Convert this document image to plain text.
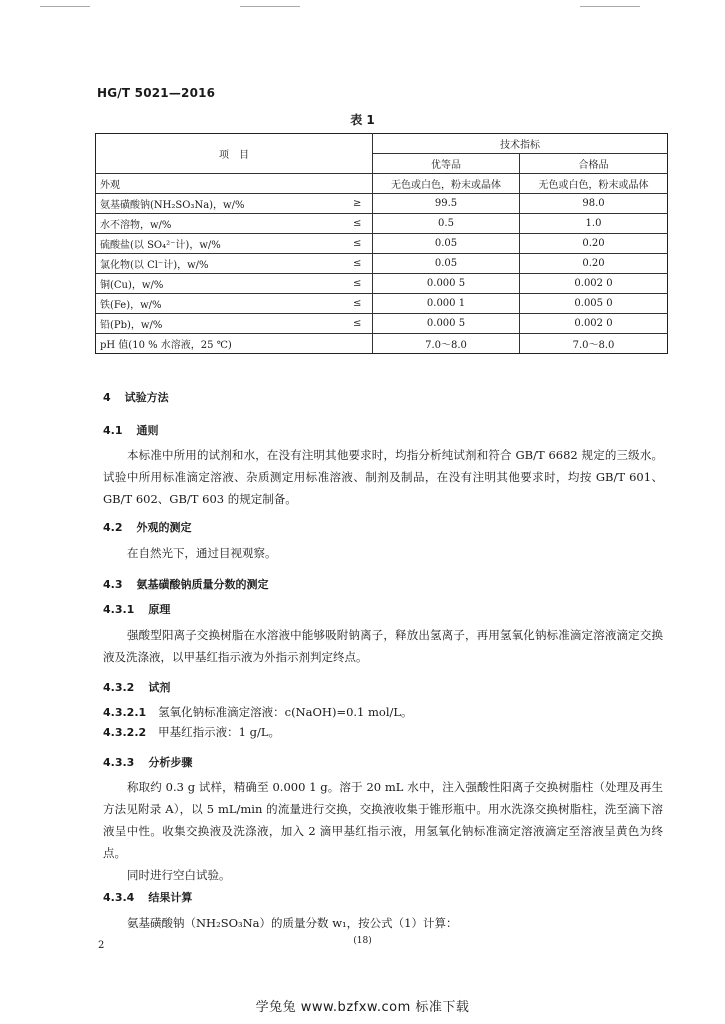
HG/T 5021—2016
表 1
项　目		技术指标	
		优等品	合格品
外观		无色或白色，粉末或晶体	无色或白色，粉末或晶体
氨基磺酸钠(NH₂SO₃Na)，w/%	≥	99.5	98.0
水不溶物，w/%	≤	0.5	1.0
硫酸盐(以 SO₄²⁻计)，w/%	≤	0.05	0.20
氯化物(以 Cl⁻计)，w/%	≤	0.05	0.20
铜(Cu)，w/%	≤	0.000 5	0.002 0
铁(Fe)，w/%	≤	0.000 1	0.005 0
铅(Pb)，w/%	≤	0.000 5	0.002 0
pH 值(10 % 水溶液，25 ℃)		7.0～8.0	7.0～8.0
4 试验方法
4.1 通则

本标准中所用的试剂和水，在没有注明其他要求时，均指分析纯试剂和符合 GB/T 6682 规定的三级水。试验中所用标准滴定溶液、杂质测定用标准溶液、制剂及制品，在没有注明其他要求时，均按 GB/T 601、GB/T 602、GB/T 603 的规定制备。

4.2 外观的测定

在自然光下，通过目视观察。

4.3 氨基磺酸钠质量分数的测定
4.3.1 原理

强酸型阳离子交换树脂在水溶液中能够吸附钠离子，释放出氢离子，再用氢氧化钠标准滴定溶液滴定交换液及洗涤液，以甲基红指示液为外指示剂判定终点。

4.3.2 试剂
4.3.2.1 氢氧化钠标准滴定溶液：c(NaOH)=0.1 mol/L。
4.3.2.2 甲基红指示液：1 g/L。
4.3.3 分析步骤

称取约 0.3 g 试样，精确至 0.000 1 g。溶于 20 mL 水中，注入强酸性阳离子交换树脂柱（处理及再生方法见附录 A），以 5 mL/min 的流量进行交换，交换液收集于锥形瓶中。用水洗涤交换树脂柱，洗至滴下溶液呈中性。收集交换液及洗涤液，加入 2 滴甲基红指示液，用氢氧化钠标准滴定溶液滴定至溶液呈黄色为终点。

同时进行空白试验。

4.3.4 结果计算

氨基磺酸钠（NH₂SO₃Na）的质量分数 w₁，按公式（1）计算：

2	(18)
学兔兔 www.bzfxw.com 标准下载
